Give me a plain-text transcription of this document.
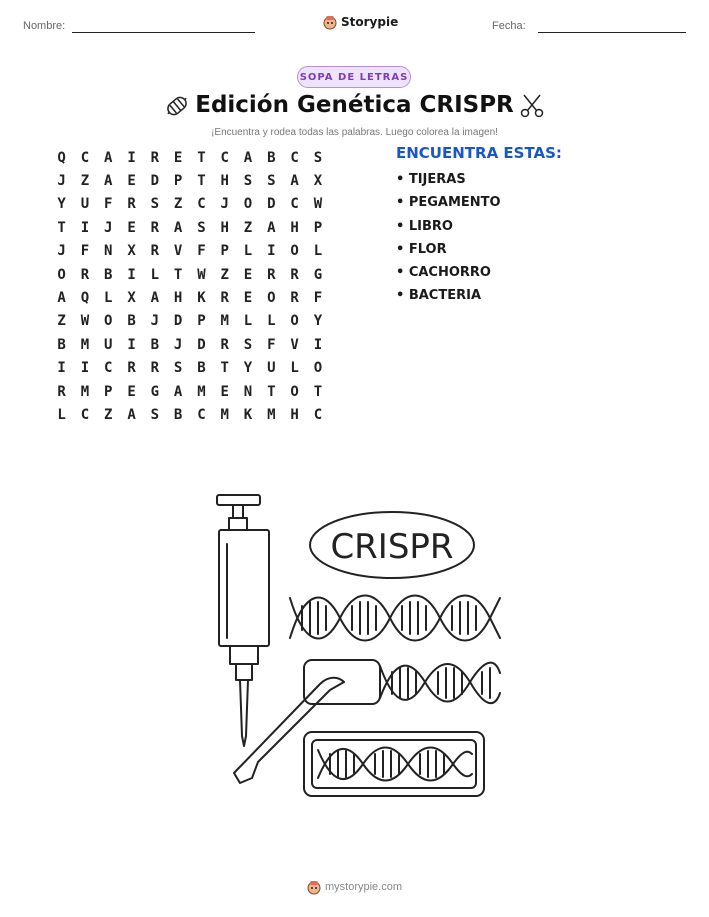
Nombre:	Storypie	Fecha:
SOPA DE LETRAS
Edición Genética CRISPR
¡Encuentra y rodea todas las palabras. Luego colorea la imagen!
Q	C	A	I	R	E	T	C	A	B	C	S
J	Z	A	E	D	P	T	H	S	S	A	X
Y	U	F	R	S	Z	C	J	O	D	C	W
T	I	J	E	R	A	S	H	Z	A	H	P
J	F	N	X	R	V	F	P	L	I	O	L
O	R	B	I	L	T	W	Z	E	R	R	G
A	Q	L	X	A	H	K	R	E	O	R	F
Z	W	O	B	J	D	P	M	L	L	O	Y
B	M	U	I	B	J	D	R	S	F	V	I
I	I	C	R	R	S	B	T	Y	U	L	O
R	M	P	E	G	A	M	E	N	T	O	T
L	C	Z	A	S	B	C	M	K	M	H	C
ENCUENTRA ESTAS:
• TIJERAS
• PEGAMENTO
• LIBRO
• FLOR
• CACHORRO
• BACTERIA
CRISPR
mystorypie.com
